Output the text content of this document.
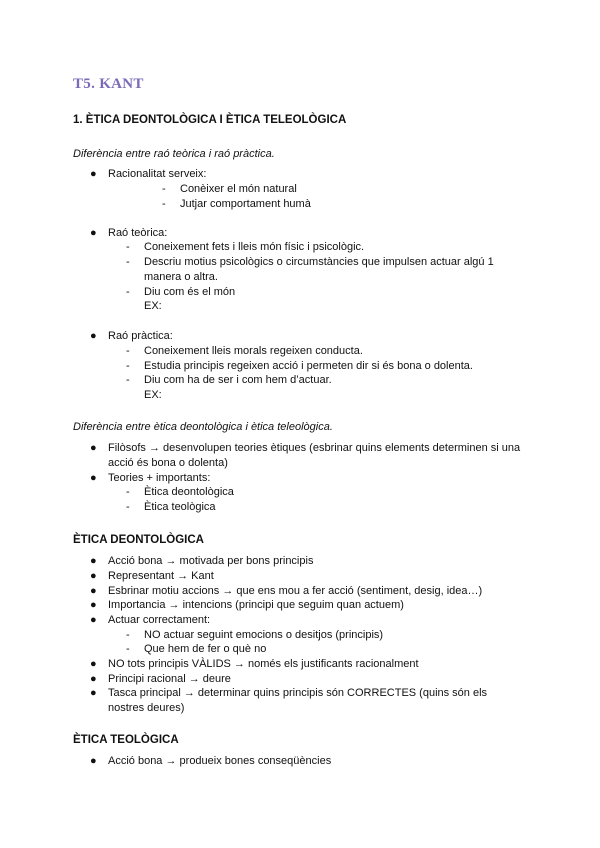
T5. KANT
1. ÈTICA DEONTOLÒGICA I ÈTICA TELEOLÒGICA

Diferència entre raó teòrica i raó pràctica.

●	Racionalitat serveix:
-	Conèixer el món natural
-	Jutjar comportament humà
●	Raó teòrica:
-	Coneixement fets i lleis món físic i psicològic.
-	Descriu motius psicològics o circumstàncies que impulsen actuar algú 1
manera o altra.
-	Diu com és el món
EX:
●	Raó pràctica:
-	Coneixement lleis morals regeixen conducta.
-	Estudia principis regeixen acció i permeten dir si és bona o dolenta.
-	Diu com ha de ser i com hem d’actuar.
EX:

Diferència entre ètica deontològica i ètica teleològica.

●	Filòsofs → desenvolupen teories ètiques (esbrinar quins elements determinen si una
acció és bona o dolenta)
●	Teories + importants:
-	Ètica deontològica
-	Ètica teològica
ÈTICA DEONTOLÒGICA
●	Acció bona → motivada per bons principis
●	Representant → Kant
●	Esbrinar motiu accions → que ens mou a fer acció (sentiment, desig, idea…)
●	Importancia → intencions (principi que seguim quan actuem)
●	Actuar correctament:
-	NO actuar seguint emocions o desitjos (principis)
-	Que hem de fer o què no
●	NO tots principis VÀLIDS → només els justificants racionalment
●	Principi racional → deure
●	Tasca principal → determinar quins principis són CORRECTES (quins són els
nostres deures)
ÈTICA TEOLÒGICA
●	Acció bona → produeix bones conseqüències
